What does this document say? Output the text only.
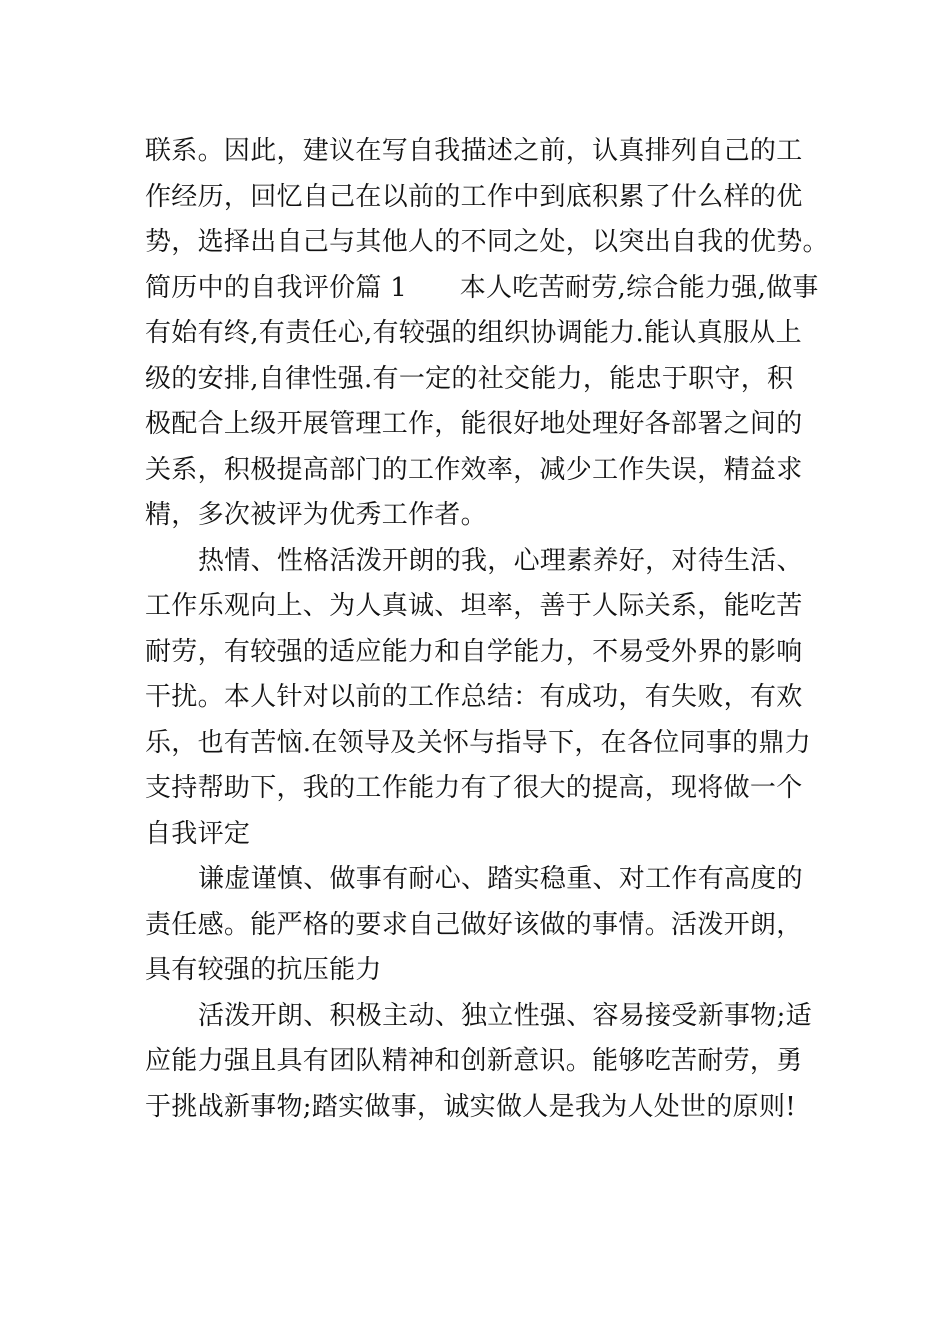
联系。因此，建议在写自我描述之前，认真排列自己的工
作经历，回忆自己在以前的工作中到底积累了什么样的优
势，选择出自己与其他人的不同之处，以突出自我的优势。
简历中的自我评价篇 1　　本人吃苦耐劳,综合能力强,做事
有始有终,有责任心,有较强的组织协调能力.能认真服从上
级的安排,自律性强.有一定的社交能力，能忠于职守，积
极配合上级开展管理工作，能很好地处理好各部署之间的
关系，积极提高部门的工作效率，减少工作失误，精益求
精，多次被评为优秀工作者。
热情、性格活泼开朗的我，心理素养好，对待生活、
工作乐观向上、为人真诚、坦率，善于人际关系，能吃苦
耐劳，有较强的适应能力和自学能力，不易受外界的影响
干扰。本人针对以前的工作总结：有成功，有失败，有欢
乐，也有苦恼.在领导及关怀与指导下，在各位同事的鼎力
支持帮助下，我的工作能力有了很大的提高，现将做一个
自我评定
谦虚谨慎、做事有耐心、踏实稳重、对工作有高度的
责任感。能严格的要求自己做好该做的事情。活泼开朗，
具有较强的抗压能力
活泼开朗、积极主动、独立性强、容易接受新事物;适
应能力强且具有团队精神和创新意识。能够吃苦耐劳，勇
于挑战新事物;踏实做事，诚实做人是我为人处世的原则!
